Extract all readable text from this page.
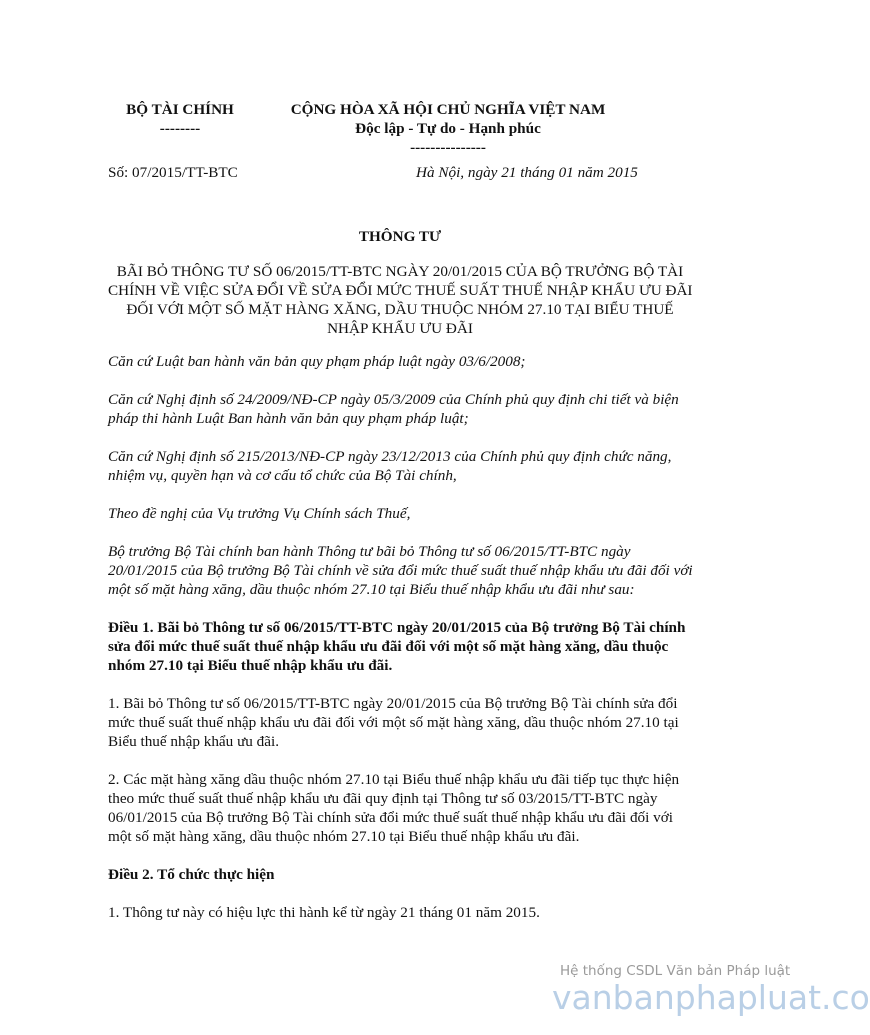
BỘ TÀI CHÍNH
--------
CỘNG HÒA XÃ HỘI CHỦ NGHĨA VIỆT NAM
Độc lập - Tự do - Hạnh phúc
---------------
Số: 07/2015/TT-BTC	Hà Nội, ngày 21 tháng 01 năm 2015
THÔNG TƯ
BÃI BỎ THÔNG TƯ SỐ 06/2015/TT-BTC NGÀY 20/01/2015 CỦA BỘ TRƯỞNG BỘ TÀI
CHÍNH VỀ VIỆC SỬA ĐỔI VỀ SỬA ĐỔI MỨC THUẾ SUẤT THUẾ NHẬP KHẨU ƯU ĐÃI
ĐỐI VỚI MỘT SỐ MẶT HÀNG XĂNG, DẦU THUỘC NHÓM 27.10 TẠI BIỂU THUẾ
NHẬP KHẨU ƯU ĐÃI

Căn cứ Luật ban hành văn bản quy phạm pháp luật ngày 03/6/2008;

Căn cứ Nghị định số 24/2009/NĐ-CP ngày 05/3/2009 của Chính phủ quy định chi tiết và biện
pháp thi hành Luật Ban hành văn bản quy phạm pháp luật;

Căn cứ Nghị định số 215/2013/NĐ-CP ngày 23/12/2013 của Chính phủ quy định chức năng,
nhiệm vụ, quyền hạn và cơ cấu tổ chức của Bộ Tài chính,

Theo đề nghị của Vụ trưởng Vụ Chính sách Thuế,

Bộ trưởng Bộ Tài chính ban hành Thông tư bãi bỏ Thông tư số 06/2015/TT-BTC ngày
20/01/2015 của Bộ trưởng Bộ Tài chính về sửa đổi mức thuế suất thuế nhập khẩu ưu đãi đối với
một số mặt hàng xăng, dầu thuộc nhóm 27.10 tại Biểu thuế nhập khẩu ưu đãi như sau:

Điều 1. Bãi bỏ Thông tư số 06/2015/TT-BTC ngày 20/01/2015 của Bộ trưởng Bộ Tài chính
sửa đổi mức thuế suất thuế nhập khẩu ưu đãi đối với một số mặt hàng xăng, dầu thuộc
nhóm 27.10 tại Biểu thuế nhập khẩu ưu đãi.

1. Bãi bỏ Thông tư số 06/2015/TT-BTC ngày 20/01/2015 của Bộ trưởng Bộ Tài chính sửa đổi
mức thuế suất thuế nhập khẩu ưu đãi đối với một số mặt hàng xăng, dầu thuộc nhóm 27.10 tại
Biểu thuế nhập khẩu ưu đãi.

2. Các mặt hàng xăng dầu thuộc nhóm 27.10 tại Biểu thuế nhập khẩu ưu đãi tiếp tục thực hiện
theo mức thuế suất thuế nhập khẩu ưu đãi quy định tại Thông tư số 03/2015/TT-BTC ngày
06/01/2015 của Bộ trưởng Bộ Tài chính sửa đổi mức thuế suất thuế nhập khẩu ưu đãi đối với
một số mặt hàng xăng, dầu thuộc nhóm 27.10 tại Biểu thuế nhập khẩu ưu đãi.

Điều 2. Tổ chức thực hiện

1. Thông tư này có hiệu lực thi hành kể từ ngày 21 tháng 01 năm 2015.

Hệ thống CSDL Văn bản Pháp luật
vanbanphapluat.co
